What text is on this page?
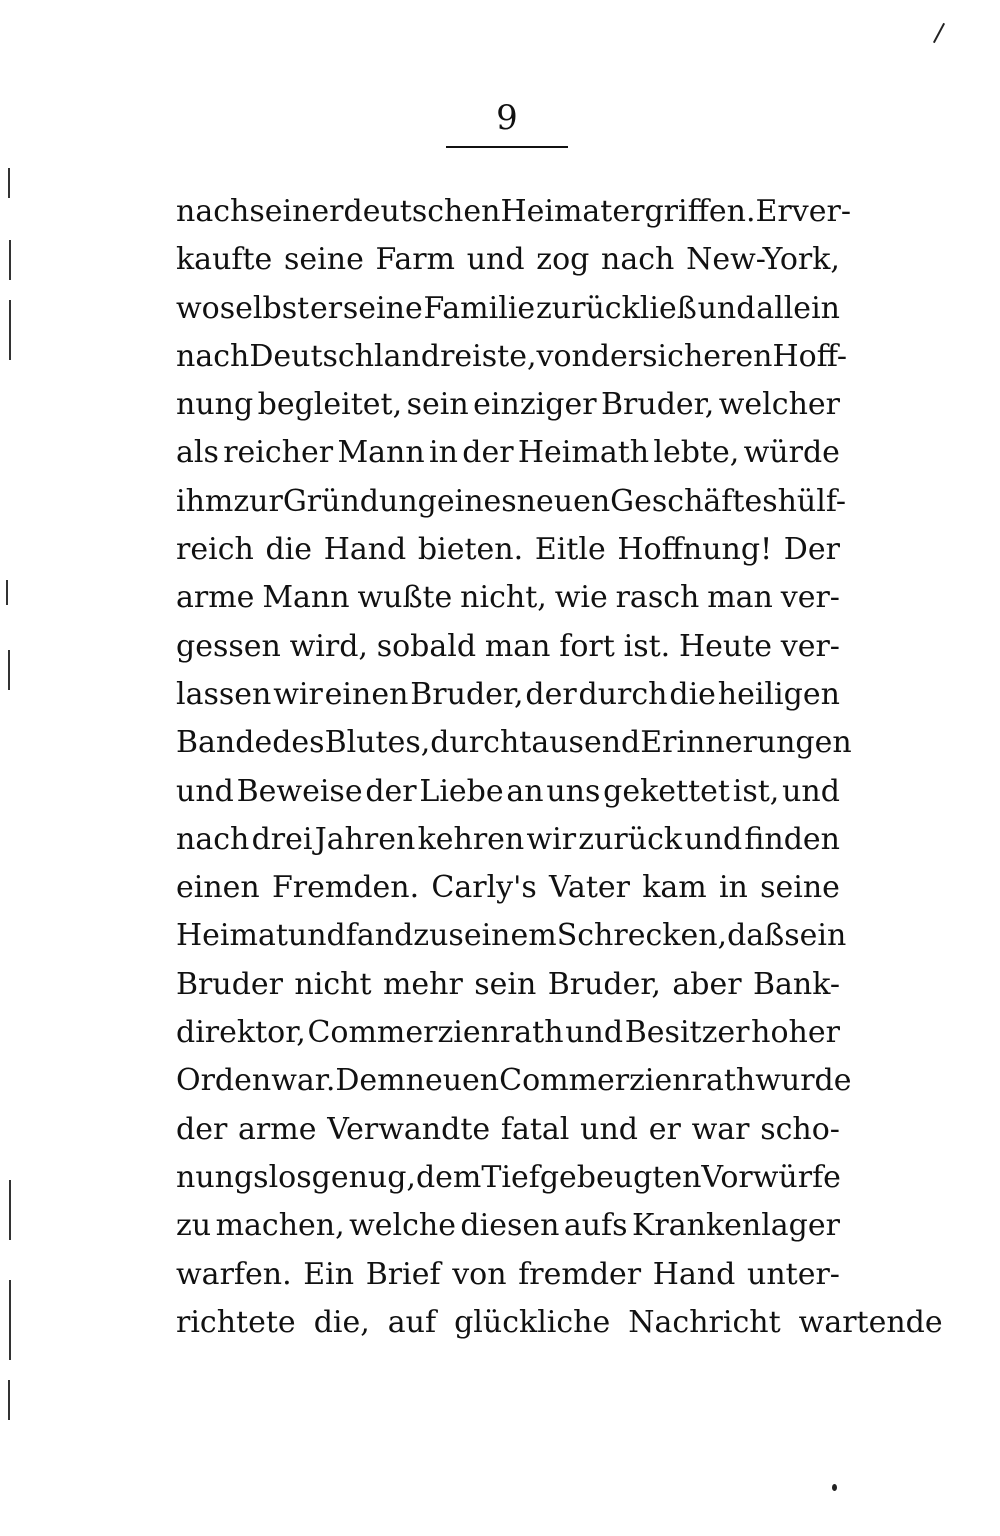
9
nach seiner deutschen Heimat ergriffen. Er ver-
kaufte seine Farm und zog nach New-York,
woselbst er seine Familie zurückließ und allein
nach Deutschland reiste, von der sicheren Hoff-
nung begleitet, sein einziger Bruder, welcher
als reicher Mann in der Heimath lebte, würde
ihm zur Gründung eines neuen Geschäftes hülf-
reich die Hand bieten. Eitle Hoffnung! Der
arme Mann wußte nicht, wie rasch man ver-
gessen wird, sobald man fort ist. Heute ver-
lassen wir einen Bruder, der durch die heiligen
Bande des Blutes, durch tausend Erinnerungen
und Beweise der Liebe an uns gekettet ist, und
nach drei Jahren kehren wir zurück und finden
einen Fremden. Carly's Vater kam in seine
Heimat und fand zu seinem Schrecken, daß sein
Bruder nicht mehr sein Bruder, aber Bank-
direktor, Commerzienrath und Besitzer hoher
Orden war. Dem neuen Commerzienrath wurde
der arme Verwandte fatal und er war scho-
nungslos genug, dem Tiefgebeugten Vorwürfe
zu machen, welche diesen aufs Krankenlager
warfen. Ein Brief von fremder Hand unter-
richtete die, auf glückliche Nachricht wartende
